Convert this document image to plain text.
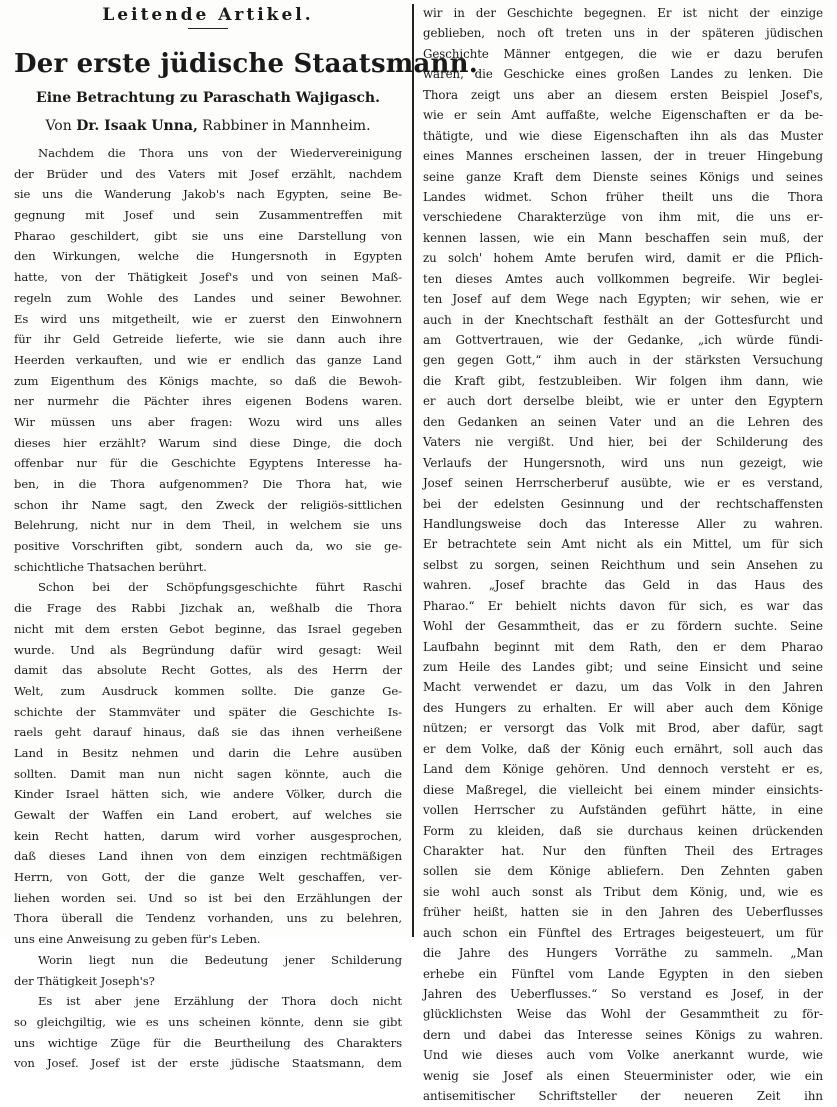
Leitende Artikel.
Der erste jüdische Staatsmann.
Eine Betrachtung zu Paraschath Wajigasch.
Von Dr. Isaak Unna, Rabbiner in Mannheim.
Nachdem die Thora uns von der Wiedervereinigung
der Brüder und des Vaters mit Josef erzählt, nachdem
sie uns die Wanderung Jakob's nach Egypten, seine Be-
gegnung mit Josef und sein Zusammentreffen mit
Pharao geschildert, gibt sie uns eine Darstellung von
den Wirkungen, welche die Hungersnoth in Egypten
hatte, von der Thätigkeit Josef's und von seinen Maß-
regeln zum Wohle des Landes und seiner Bewohner.
Es wird uns mitgetheilt, wie er zuerst den Einwohnern
für ihr Geld Getreide lieferte, wie sie dann auch ihre
Heerden verkauften, und wie er endlich das ganze Land
zum Eigenthum des Königs machte, so daß die Bewoh-
ner nurmehr die Pächter ihres eigenen Bodens waren.
Wir müssen uns aber fragen: Wozu wird uns alles
dieses hier erzählt? Warum sind diese Dinge, die doch
offenbar nur für die Geschichte Egyptens Interesse ha-
ben, in die Thora aufgenommen? Die Thora hat, wie
schon ihr Name sagt, den Zweck der religiös-sittlichen
Belehrung, nicht nur in dem Theil, in welchem sie uns
positive Vorschriften gibt, sondern auch da, wo sie ge-
schichtliche Thatsachen berührt.
Schon bei der Schöpfungsgeschichte führt Raschi
die Frage des Rabbi Jizchak an, weßhalb die Thora
nicht mit dem ersten Gebot beginne, das Israel gegeben
wurde. Und als Begründung dafür wird gesagt: Weil
damit das absolute Recht Gottes, als des Herrn der
Welt, zum Ausdruck kommen sollte. Die ganze Ge-
schichte der Stammväter und später die Geschichte Is-
raels geht darauf hinaus, daß sie das ihnen verheißene
Land in Besitz nehmen und darin die Lehre ausüben
sollten. Damit man nun nicht sagen könnte, auch die
Kinder Israel hätten sich, wie andere Völker, durch die
Gewalt der Waffen ein Land erobert, auf welches sie
kein Recht hatten, darum wird vorher ausgesprochen,
daß dieses Land ihnen von dem einzigen rechtmäßigen
Herrn, von Gott, der die ganze Welt geschaffen, ver-
liehen worden sei. Und so ist bei den Erzählungen der
Thora überall die Tendenz vorhanden, uns zu belehren,
uns eine Anweisung zu geben für's Leben.
Worin liegt nun die Bedeutung jener Schilderung
der Thätigkeit Joseph's?
Es ist aber jene Erzählung der Thora doch nicht
so gleichgiltig, wie es uns scheinen könnte, denn sie gibt
uns wichtige Züge für die Beurtheilung des Charakters
von Josef. Josef ist der erste jüdische Staatsmann, dem
wir in der Geschichte begegnen. Er ist nicht der einzige
geblieben, noch oft treten uns in der späteren jüdischen
Geschichte Männer entgegen, die wie er dazu berufen
waren, die Geschicke eines großen Landes zu lenken. Die
Thora zeigt uns aber an diesem ersten Beispiel Josef's,
wie er sein Amt auffaßte, welche Eigenschaften er da be-
thätigte, und wie diese Eigenschaften ihn als das Muster
eines Mannes erscheinen lassen, der in treuer Hingebung
seine ganze Kraft dem Dienste seines Königs und seines
Landes widmet. Schon früher theilt uns die Thora
verschiedene Charakterzüge von ihm mit, die uns er-
kennen lassen, wie ein Mann beschaffen sein muß, der
zu solch' hohem Amte berufen wird, damit er die Pflich-
ten dieses Amtes auch vollkommen begreife. Wir beglei-
ten Josef auf dem Wege nach Egypten; wir sehen, wie er
auch in der Knechtschaft festhält an der Gottesfurcht und
am Gottvertrauen, wie der Gedanke, „ich würde fündi-
gen gegen Gott,“ ihm auch in der stärksten Versuchung
die Kraft gibt, festzubleiben. Wir folgen ihm dann, wie
er auch dort derselbe bleibt, wie er unter den Egyptern
den Gedanken an seinen Vater und an die Lehren des
Vaters nie vergißt. Und hier, bei der Schilderung des
Verlaufs der Hungersnoth, wird uns nun gezeigt, wie
Josef seinen Herrscherberuf ausübte, wie er es verstand,
bei der edelsten Gesinnung und der rechtschaffensten
Handlungsweise doch das Interesse Aller zu wahren.
Er betrachtete sein Amt nicht als ein Mittel, um für sich
selbst zu sorgen, seinen Reichthum und sein Ansehen zu
wahren. „Josef brachte das Geld in das Haus des
Pharao.“ Er behielt nichts davon für sich, es war das
Wohl der Gesammtheit, das er zu fördern suchte. Seine
Laufbahn beginnt mit dem Rath, den er dem Pharao
zum Heile des Landes gibt; und seine Einsicht und seine
Macht verwendet er dazu, um das Volk in den Jahren
des Hungers zu erhalten. Er will aber auch dem Könige
nützen; er versorgt das Volk mit Brod, aber dafür, sagt
er dem Volke, daß der König euch ernährt, soll auch das
Land dem Könige gehören. Und dennoch versteht er es,
diese Maßregel, die vielleicht bei einem minder einsichts-
vollen Herrscher zu Aufständen geführt hätte, in eine
Form zu kleiden, daß sie durchaus keinen drückenden
Charakter hat. Nur den fünften Theil des Ertrages
sollen sie dem Könige abliefern. Den Zehnten gaben
sie wohl auch sonst als Tribut dem König, und, wie es
früher heißt, hatten sie in den Jahren des Ueberflusses
auch schon ein Fünftel des Ertrages beigesteuert, um für
die Jahre des Hungers Vorräthe zu sammeln. „Man
erhebe ein Fünftel vom Lande Egypten in den sieben
Jahren des Ueberflusses.“ So verstand es Josef, in der
glücklichsten Weise das Wohl der Gesammtheit zu för-
dern und dabei das Interesse seines Königs zu wahren.
Und wie dieses auch vom Volke anerkannt wurde, wie
wenig sie Josef als einen Steuerminister oder, wie ein
antisemitischer Schriftsteller der neueren Zeit ihn
